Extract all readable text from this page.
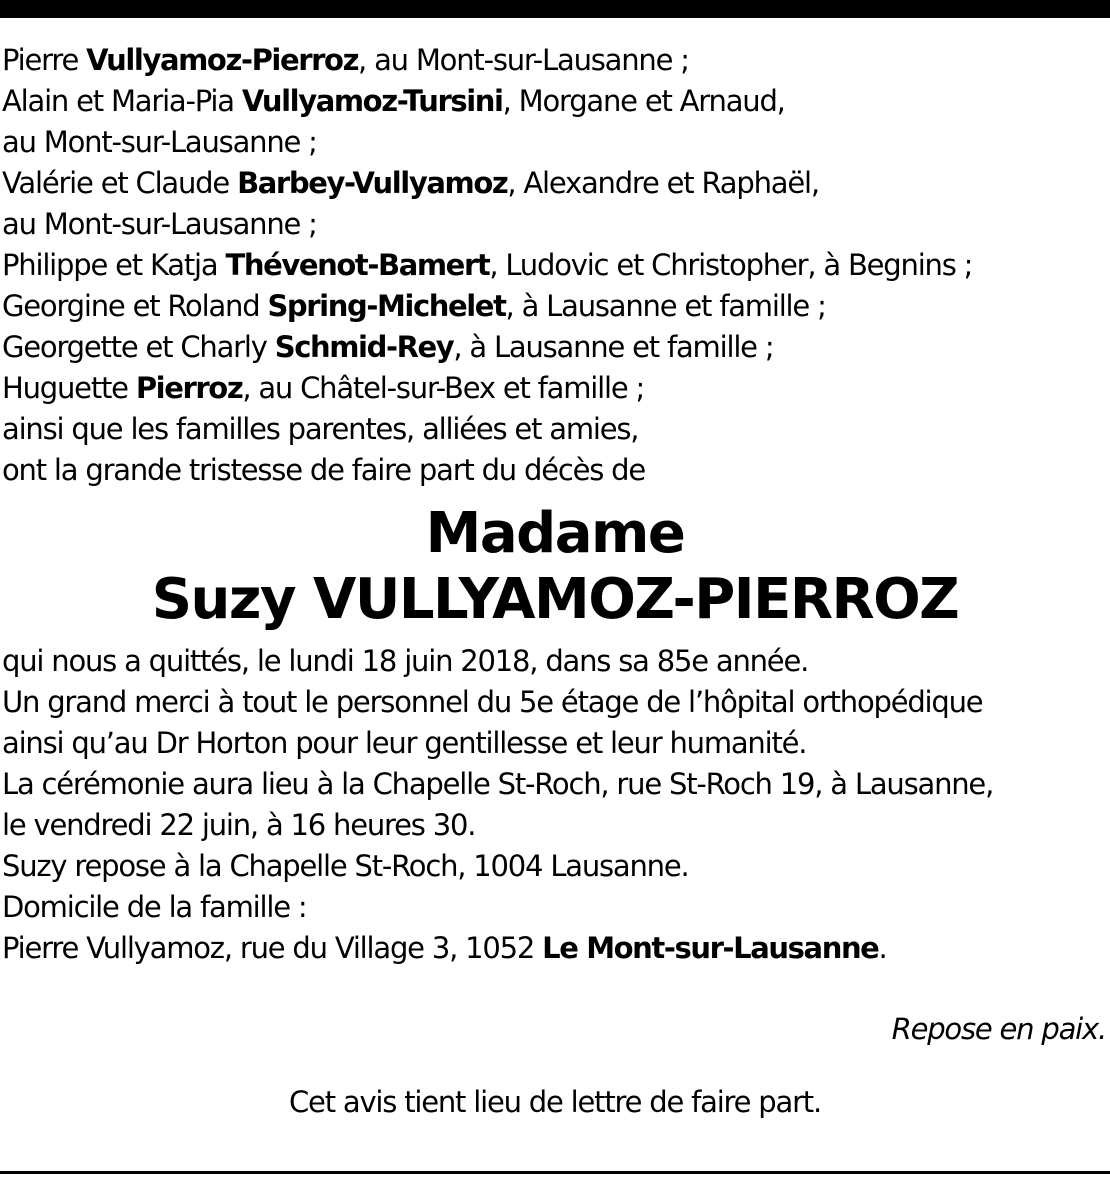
Pierre Vullyamoz-Pierroz, au Mont-sur-Lausanne ;
Alain et Maria-Pia Vullyamoz-Tursini, Morgane et Arnaud,
au Mont-sur-Lausanne ;
Valérie et Claude Barbey-Vullyamoz, Alexandre et Raphaël,
au Mont-sur-Lausanne ;
Philippe et Katja Thévenot-Bamert, Ludovic et Christopher, à Begnins ;
Georgine et Roland Spring-Michelet, à Lausanne et famille ;
Georgette et Charly Schmid-Rey, à Lausanne et famille ;
Huguette Pierroz, au Châtel-sur-Bex et famille ;
ainsi que les familles parentes, alliées et amies,
ont la grande tristesse de faire part du décès de
Madame
Suzy VULLYAMOZ-PIERROZ
qui nous a quittés, le lundi 18 juin 2018, dans sa 85e année.
Un grand merci à tout le personnel du 5e étage de l’hôpital orthopédique
ainsi qu’au Dr Horton pour leur gentillesse et leur humanité.
La cérémonie aura lieu à la Chapelle St-Roch, rue St-Roch 19, à Lausanne,
le vendredi 22 juin, à 16 heures 30.
Suzy repose à la Chapelle St-Roch, 1004 Lausanne.
Domicile de la famille :
Pierre Vullyamoz, rue du Village 3, 1052 Le Mont-sur-Lausanne.
Repose en paix.
Cet avis tient lieu de lettre de faire part.
